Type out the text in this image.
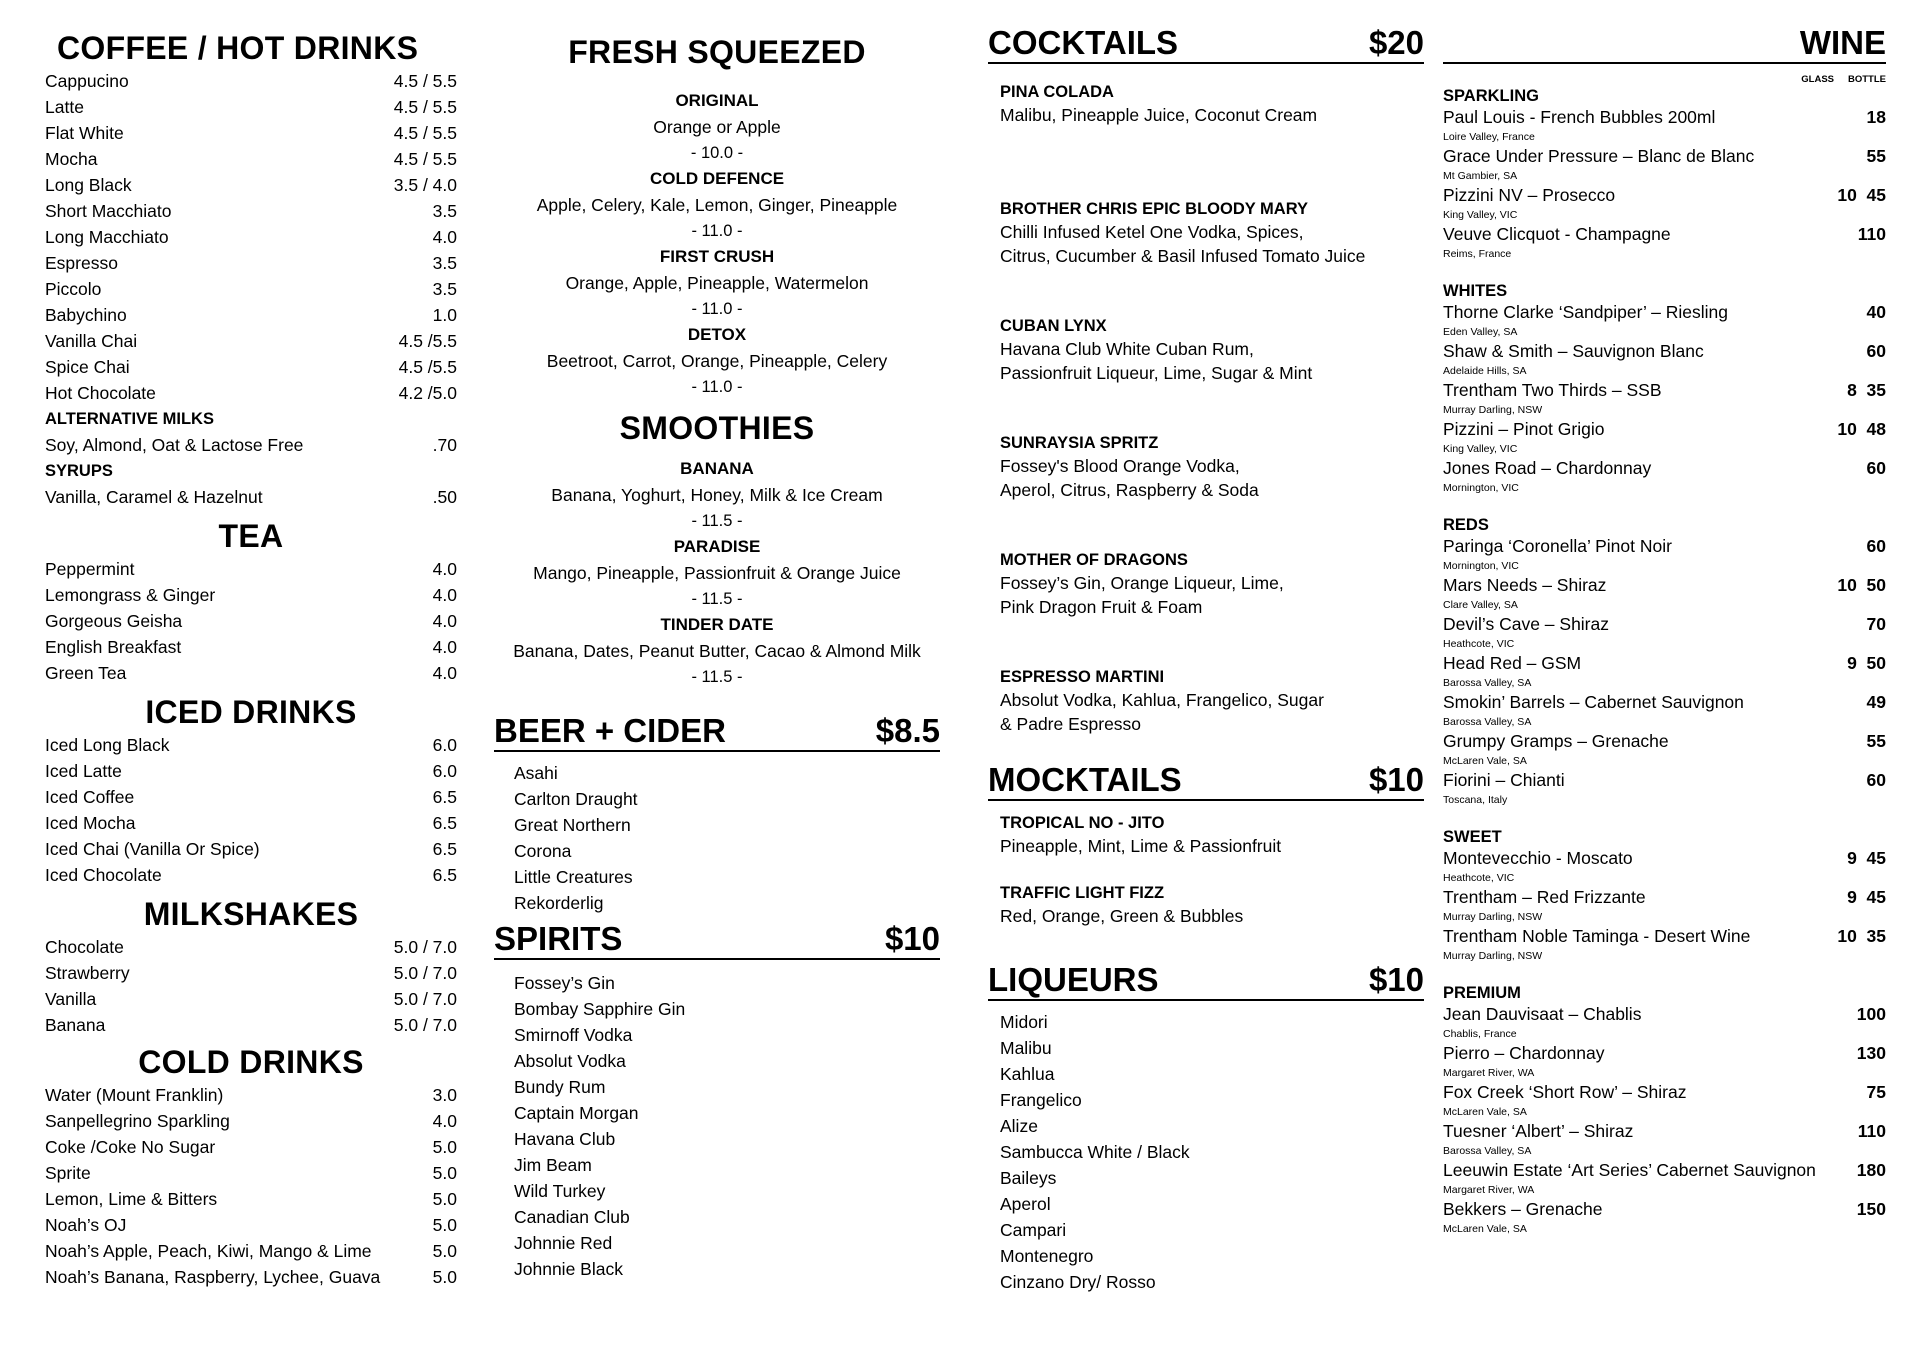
COFFEE / HOT DRINKS
Cappucino	4.5 / 5.5
Latte	4.5 / 5.5
Flat White	4.5 / 5.5
Mocha	4.5 / 5.5
Long Black	3.5 / 4.0
Short Macchiato	3.5
Long Macchiato	4.0
Espresso	3.5
Piccolo	3.5
Babychino	1.0
Vanilla Chai	4.5 /5.5
Spice Chai	4.5 /5.5
Hot Chocolate	4.2 /5.0
ALTERNATIVE MILKS
Soy, Almond, Oat & Lactose Free	.70
SYRUPS
Vanilla, Caramel & Hazelnut	.50
TEA
Peppermint	4.0
Lemongrass & Ginger	4.0
Gorgeous Geisha	4.0
English Breakfast	4.0
Green Tea	4.0
ICED DRINKS
Iced Long Black	6.0
Iced Latte	6.0
Iced Coffee	6.5
Iced Mocha	6.5
Iced Chai (Vanilla Or Spice)	6.5
Iced Chocolate	6.5
MILKSHAKES
Chocolate	5.0 / 7.0
Strawberry	5.0 / 7.0
Vanilla	5.0 / 7.0
Banana	5.0 / 7.0
COLD DRINKS
Water (Mount Franklin)	3.0
Sanpellegrino Sparkling	4.0
Coke /Coke No Sugar	5.0
Sprite	5.0
Lemon, Lime & Bitters	5.0
Noah’s OJ	5.0
Noah’s Apple, Peach, Kiwi, Mango & Lime	5.0
Noah’s Banana, Raspberry, Lychee, Guava	5.0
FRESH SQUEEZED
ORIGINAL
Orange or Apple
- 10.0 -
COLD DEFENCE
Apple, Celery, Kale, Lemon, Ginger, Pineapple
- 11.0 -
FIRST CRUSH
Orange, Apple, Pineapple, Watermelon
- 11.0 -
DETOX
Beetroot, Carrot, Orange, Pineapple, Celery
- 11.0 -
SMOOTHIES
BANANA
Banana, Yoghurt, Honey, Milk & Ice Cream
- 11.5 -
PARADISE
Mango, Pineapple, Passionfruit & Orange Juice
- 11.5 -
TINDER DATE
Banana, Dates, Peanut Butter, Cacao & Almond Milk
- 11.5 -
BEER + CIDER	$8.5
Asahi
Carlton Draught
Great Northern
Corona
Little Creatures
Rekorderlig
SPIRITS	$10
Fossey’s Gin
Bombay Sapphire Gin
Smirnoff Vodka
Absolut Vodka
Bundy Rum
Captain Morgan
Havana Club
Jim Beam
Wild Turkey
Canadian Club
Johnnie Red
Johnnie Black
COCKTAILS	$20
PINA COLADA
Malibu, Pineapple Juice, Coconut Cream
BROTHER CHRIS EPIC BLOODY MARY
Chilli Infused Ketel One Vodka, Spices,
Citrus, Cucumber & Basil Infused Tomato Juice
CUBAN LYNX
Havana Club White Cuban Rum,
Passionfruit Liqueur, Lime, Sugar & Mint
SUNRAYSIA SPRITZ
Fossey's Blood Orange Vodka,
Aperol, Citrus, Raspberry & Soda
MOTHER OF DRAGONS
Fossey’s Gin, Orange Liqueur, Lime,
Pink Dragon Fruit & Foam
ESPRESSO MARTINI
Absolut Vodka, Kahlua, Frangelico, Sugar
& Padre Espresso
MOCKTAILS	$10
TROPICAL NO - JITO
Pineapple, Mint, Lime & Passionfruit
TRAFFIC LIGHT FIZZ
Red, Orange, Green & Bubbles
LIQUEURS	$10
Midori
Malibu
Kahlua
Frangelico
Alize
Sambucca White / Black
Baileys
Aperol
Campari
Montenegro
Cinzano Dry/ Rosso
WINE
GLASS BOTTLE
SPARKLING
Paul Louis - French Bubbles 200ml	18
Loire Valley, France
Grace Under Pressure – Blanc de Blanc	55
Mt Gambier, SA
Pizzini NV – Prosecco	10  45
King Valley, VIC
Veuve Clicquot - Champagne	110
Reims, France
WHITES
Thorne Clarke ‘Sandpiper’ – Riesling	40
Eden Valley, SA
Shaw & Smith – Sauvignon Blanc	60
Adelaide Hills, SA
Trentham Two Thirds – SSB	8  35
Murray Darling, NSW
Pizzini – Pinot Grigio	10  48
King Valley, VIC
Jones Road – Chardonnay	60
Mornington, VIC
REDS
Paringa ‘Coronella’ Pinot Noir	60
Mornington, VIC
Mars Needs – Shiraz	10  50
Clare Valley, SA
Devil’s Cave – Shiraz	70
Heathcote, VIC
Head Red – GSM	9  50
Barossa Valley, SA
Smokin’ Barrels – Cabernet Sauvignon	49
Barossa Valley, SA
Grumpy Gramps – Grenache	55
McLaren Vale, SA
Fiorini – Chianti	60
Toscana, Italy
SWEET
Montevecchio - Moscato	9  45
Heathcote, VIC
Trentham – Red Frizzante	9  45
Murray Darling, NSW
Trentham Noble Taminga - Desert Wine	10  35
Murray Darling, NSW
PREMIUM
Jean Dauvisaat – Chablis	100
Chablis, France
Pierro – Chardonnay	130
Margaret River, WA
Fox Creek ‘Short Row’ – Shiraz	75
McLaren Vale, SA
Tuesner ‘Albert’ – Shiraz	110
Barossa Valley, SA
Leeuwin Estate ‘Art Series’ Cabernet Sauvignon 180
Margaret River, WA
Bekkers – Grenache	150
McLaren Vale, SA
